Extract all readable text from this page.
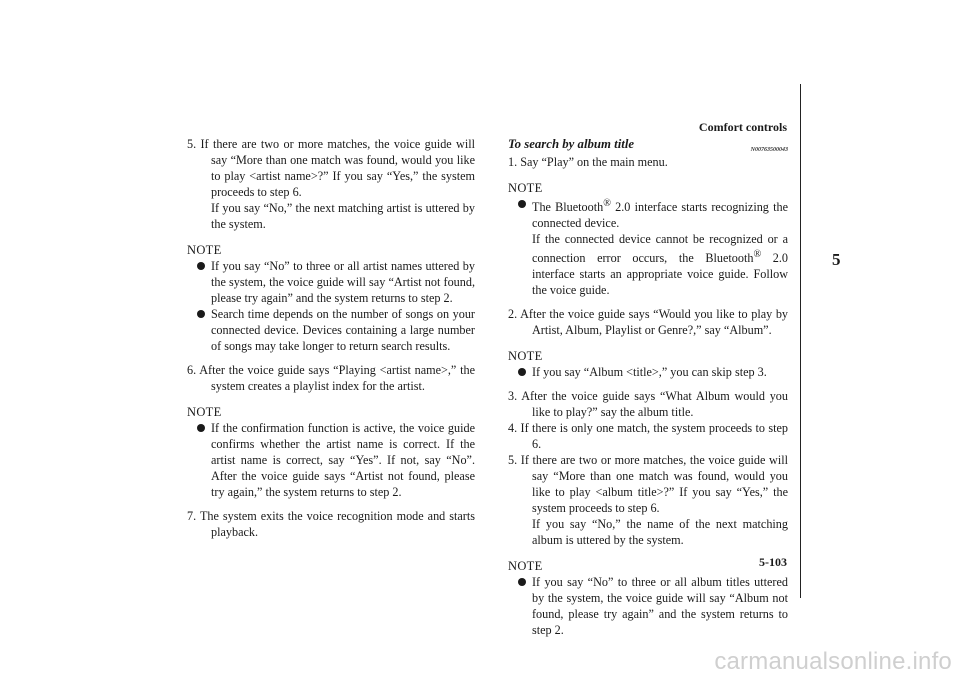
Comfort controls
5
5. If there are two or more matches, the voice guide will say “More than one match was found, would you like to play <artist name>?” If you say “Yes,” the system proceeds to step 6.
If you say “No,” the next matching artist is uttered by the system.
NOTE
If you say “No” to three or all artist names uttered by the system, the voice guide will say “Artist not found, please try again” and the system returns to step 2.
Search time depends on the number of songs on your connected device. Devices containing a large number of songs may take longer to return search results.
6. After the voice guide says “Playing <artist name>,” the system creates a playlist index for the artist.
NOTE
If the confirmation function is active, the voice guide confirms whether the artist name is correct. If the artist name is correct, say “Yes”. If not, say “No”. After the voice guide says “Artist not found, please try again,” the system returns to step 2.
7. The system exits the voice recognition mode and starts playback.
To search by album title	N00763500043
1. Say “Play” on the main menu.
NOTE
The Bluetooth® 2.0 interface starts recognizing the connected device.
If the connected device cannot be recognized or a connection error occurs, the Bluetooth® 2.0 interface starts an appropriate voice guide. Follow the voice guide.
2. After the voice guide says “Would you like to play by Artist, Album, Playlist or Genre?,” say “Album”.
NOTE
If you say “Album <title>,” you can skip step 3.
3. After the voice guide says “What Album would you like to play?” say the album title.
4. If there is only one match, the system proceeds to step 6.
5. If there are two or more matches, the voice guide will say “More than one match was found, would you like to play <album title>?” If you say “Yes,” the system proceeds to step 6.
If you say “No,” the name of the next matching album is uttered by the system.
NOTE
If you say “No” to three or all album titles uttered by the system, the voice guide will say “Album not found, please try again” and the system returns to step 2.
5-103
carmanualsonline.info
